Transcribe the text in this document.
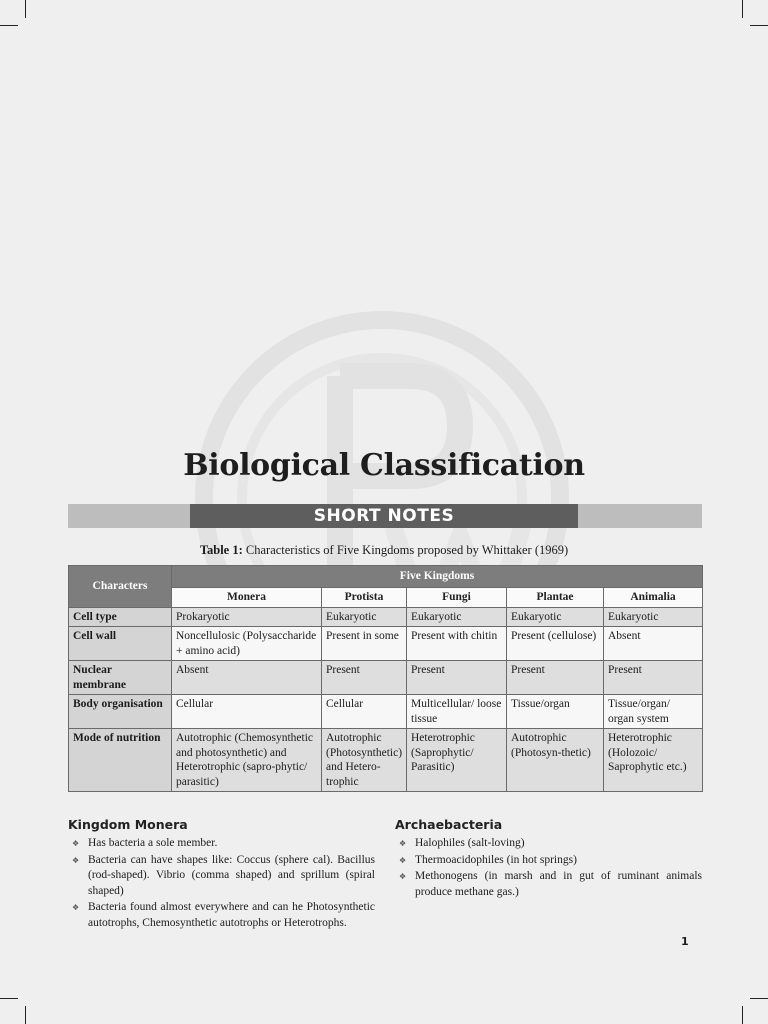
Biological Classification
SHORT NOTES
Table 1: Characteristics of Five Kingdoms proposed by Whittaker (1969)
Characters	Five Kingdoms				
	Monera	Protista	Fungi	Plantae	Animalia
Cell type	Prokaryotic	Eukaryotic	Eukaryotic	Eukaryotic	Eukaryotic
Cell wall	Noncellulosic (Polysaccharide + amino acid)	Present in some	Present with chitin	Present (cellulose)	Absent
Nuclear membrane	Absent	Present	Present	Present	Present
Body organisation	Cellular	Cellular	Multicellular/ loose tissue	Tissue/organ	Tissue/organ/ organ system
Mode of nutrition	Autotrophic (Chemosynthetic and photosynthetic) and Heterotrophic (sapro-phytic/ parasitic)	Autotrophic (Photosynthetic) and Hetero-trophic	Heterotrophic (Saprophytic/ Parasitic)	Autotrophic (Photosyn-thetic)	Heterotrophic (Holozoic/ Saprophytic etc.)
Kingdom Monera
❖ Has bacteria a sole member.
❖ Bacteria can have shapes like: Coccus (sphere cal). Bacillus (rod-shaped). Vibrio (comma shaped) and sprillum (spiral shaped)
❖ Bacteria found almost everywhere and can he Photosynthetic autotrophs, Chemosynthetic autotrophs or Heterotrophs.
Archaebacteria
❖ Halophiles (salt-loving)
❖ Thermoacidophiles (in hot springs)
❖ Methonogens (in marsh and in gut of ruminant animals produce methane gas.)
1
